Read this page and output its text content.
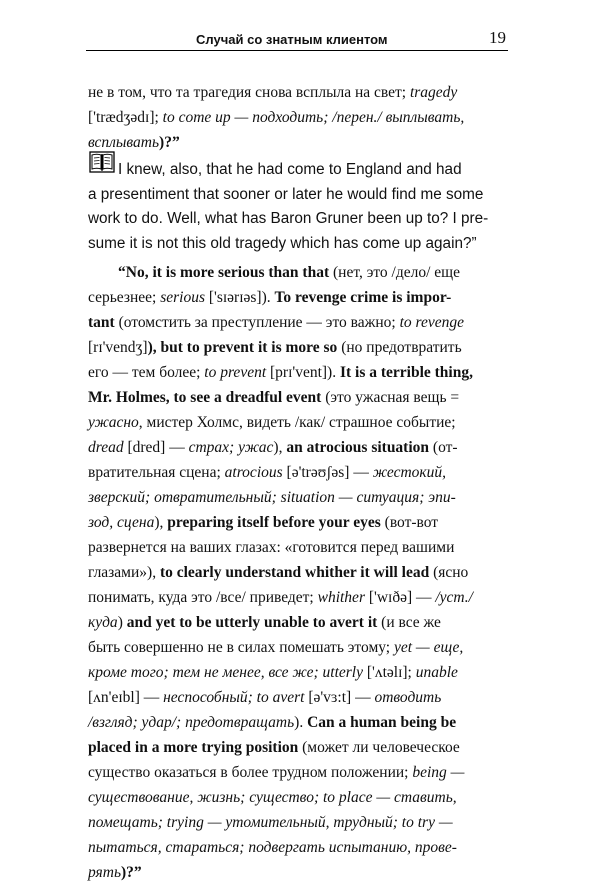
Случай со знатным клиентом	19
не в том, что та трагедия снова всплыла на свет; tragedy
['trædʒədɪ]; to come up — подходить; /перен./ выплывать,
всплывать)?”
I knew, also, that he had come to England and had
a presentiment that sooner or later he would find me some
work to do. Well, what has Baron Gruner been up to? I pre-
sume it is not this old tragedy which has come up again?”
“No, it is more serious than that (нет, это /дело/ еще
серьезнее; serious ['sɪərɪəs]). To revenge crime is impor-
tant (отомстить за преступление — это важно; to revenge
[rɪ'vendʒ]), but to prevent it is more so (но предотвратить
его — тем более; to prevent [prɪ'vent]). It is a terrible thing,
Mr. Holmes, to see a dreadful event (это ужасная вещь =
ужасно, мистер Холмс, видеть /как/ страшное событие;
dread [dred] — страх; ужас), an atrocious situation (от-
вратительная сцена; atrocious [ə'trəʊʃəs] — жестокий,
зверский; отвратительный; situation — ситуация; эпи-
зод, сцена), preparing itself before your eyes (вот-вот
развернется на ваших глазах: «готовится перед вашими
глазами»), to clearly understand whither it will lead (ясно
понимать, куда это /все/ приведет; whither ['wɪðə] — /уст./
куда) and yet to be utterly unable to avert it (и все же
быть совершенно не в силах помешать этому; yet — еще,
кроме того; тем не менее, все же; utterly ['ʌtəlɪ]; unable
[ʌn'eɪbl] — неспособный; to avert [ə'vɜ:t] — отводить
/взгляд; удар/; предотвращать). Can a human being be
placed in a more trying position (может ли человеческое
существо оказаться в более трудном положении; being —
существование, жизнь; существо; to place — ставить,
помещать; trying — утомительный, трудный; to try —
пытаться, стараться; подвергать испытанию, прове-
рять)?”
